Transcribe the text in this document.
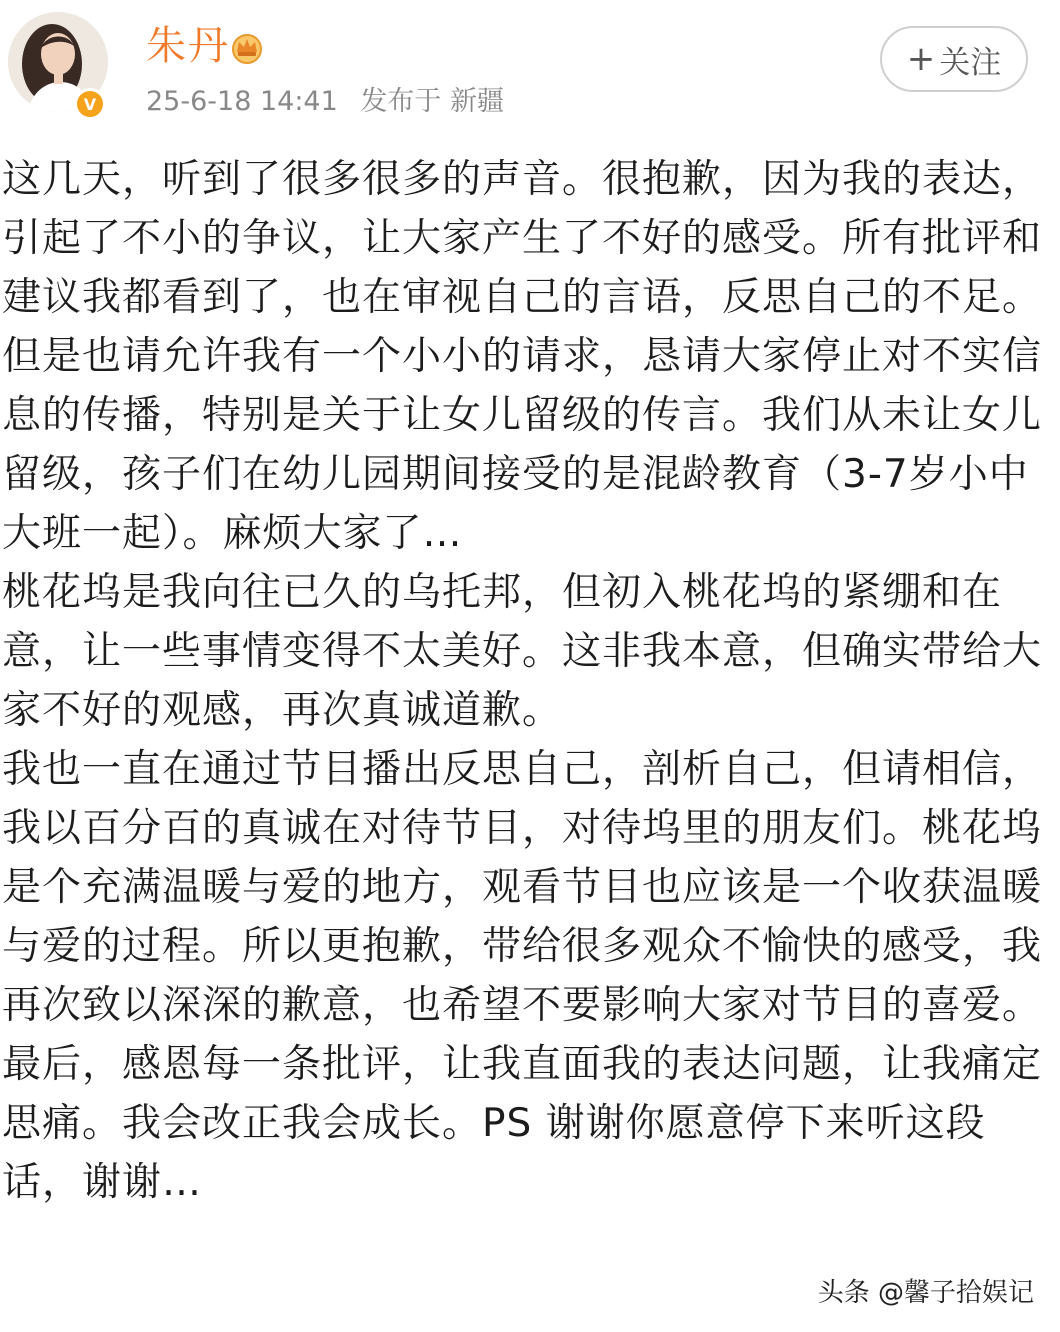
V
朱丹
25-6-18 14:41 发布于 新疆
+ 关注

这几天，听到了很多很多的声音。很抱歉，因为我的表达，引起了不小的争议，让大家产生了不好的感受。所有批评和建议我都看到了，也在审视自己的言语，反思自己的不足。

但是也请允许我有一个小小的请求，恳请大家停止对不实信息的传播，特别是关于让女儿留级的传言。我们从未让女儿留级，孩子们在幼儿园期间接受的是混龄教育（3-7岁小中大班一起）。麻烦大家了…

桃花坞是我向往已久的乌托邦，但初入桃花坞的紧绷和在意，让一些事情变得不太美好。这非我本意，但确实带给大家不好的观感，再次真诚道歉。

我也一直在通过节目播出反思自己，剖析自己，但请相信，我以百分百的真诚在对待节目，对待坞里的朋友们。桃花坞是个充满温暖与爱的地方，观看节目也应该是一个收获温暖与爱的过程。所以更抱歉，带给很多观众不愉快的感受，我再次致以深深的歉意，也希望不要影响大家对节目的喜爱。

最后，感恩每一条批评，让我直面我的表达问题，让我痛定思痛。我会改正我会成长。PS 谢谢你愿意停下来听这段话，谢谢…

头条 @馨子拾娱记
